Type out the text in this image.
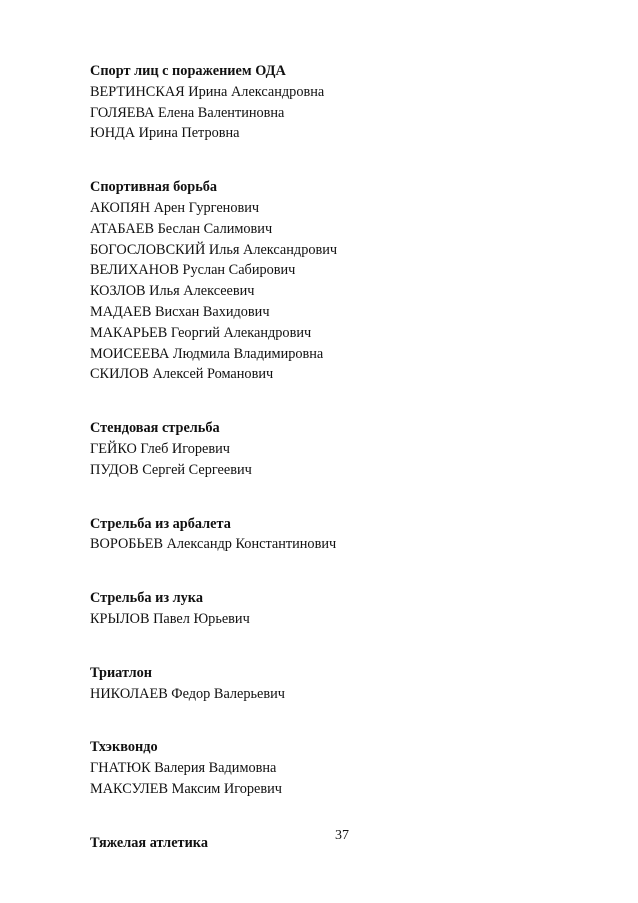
Спорт лиц с поражением ОДА
ВЕРТИНСКАЯ Ирина Александровна
ГОЛЯЕВА Елена Валентиновна
ЮНДА Ирина Петровна
Спортивная борьба
АКОПЯН Арен Гургенович
АТАБАЕВ Беслан Салимович
БОГОСЛОВСКИЙ Илья Александрович
ВЕЛИХАНОВ Руслан Сабирович
КОЗЛОВ Илья Алексеевич
МАДАЕВ Висхан Вахидович
МАКАРЬЕВ Георгий Алекандрович
МОИСЕЕВА Людмила Владимировна
СКИЛОВ Алексей Романович
Стендовая стрельба
ГЕЙКО Глеб Игоревич
ПУДОВ Сергей Сергеевич
Стрельба из арбалета
ВОРОБЬЕВ Александр Константинович
Стрельба из лука
КРЫЛОВ Павел Юрьевич
Триатлон
НИКОЛАЕВ Федор Валерьевич
Тхэквондо
ГНАТЮК Валерия Вадимовна
МАКСУЛЕВ Максим Игоревич
Тяжелая атлетика	37
